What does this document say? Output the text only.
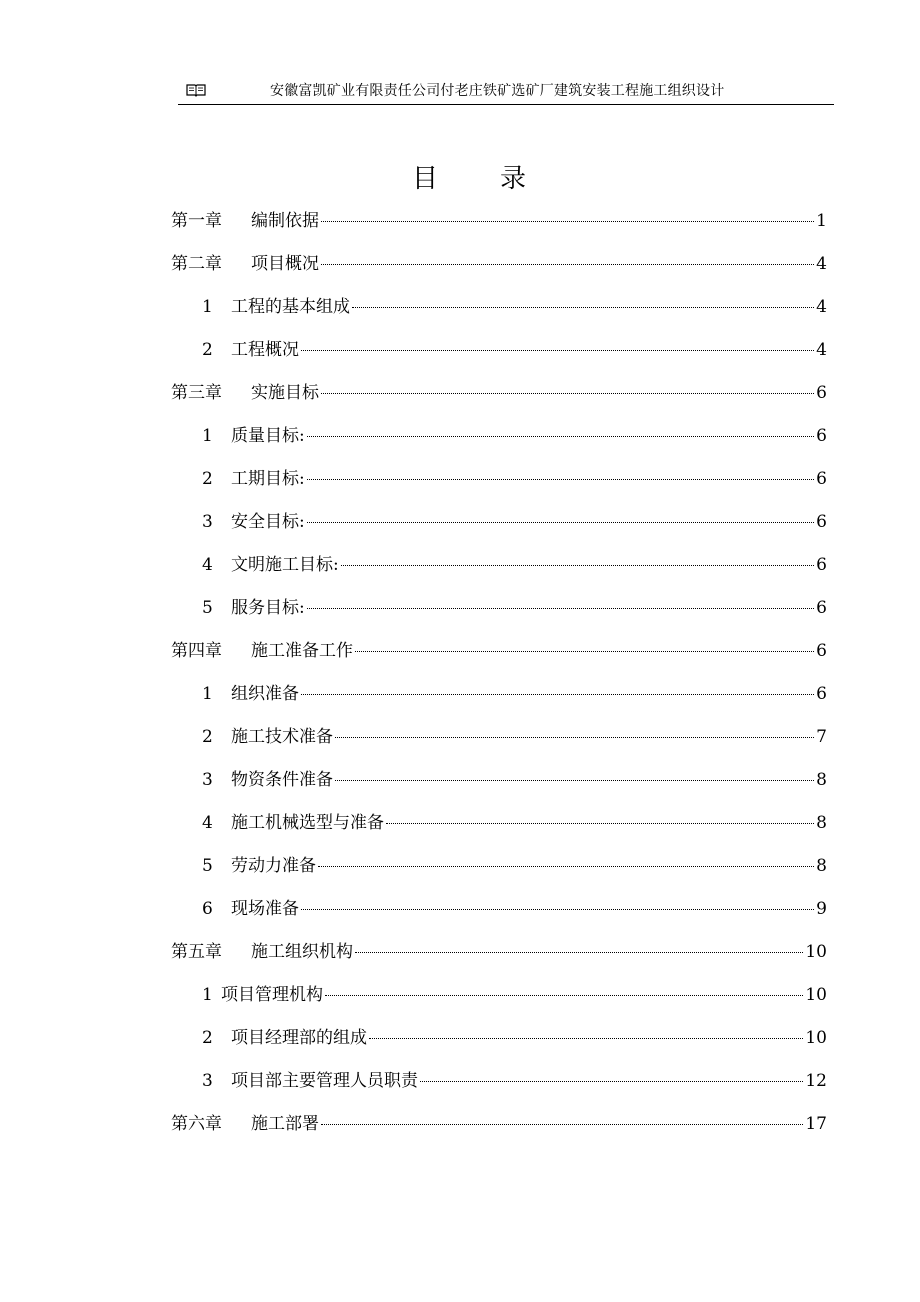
安徽富凯矿业有限责任公司付老庄铁矿选矿厂建筑安装工程施工组织设计
目录
第一章	编制依据	1
第二章	项目概况	4
1	工程的基本组成	4
2	工程概况	4
第三章	实施目标	6
1	质量目标:	6
2	工期目标:	6
3	安全目标:	6
4	文明施工目标:	6
5	服务目标:	6
第四章	施工准备工作	6
1	组织准备	6
2	施工技术准备	7
3	物资条件准备	8
4	施工机械选型与准备	8
5	劳动力准备	8
6	现场准备	9
第五章	施工组织机构	10
1 项目管理机构	10
2	项目经理部的组成	10
3	项目部主要管理人员职责	12
第六章	施工部署	17
